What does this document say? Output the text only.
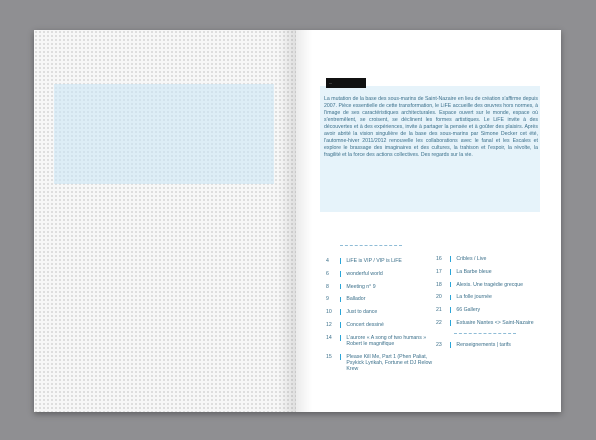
...
La mutation de la base des sous-marins de Saint-Nazaire en lieu de création s'affirme depuis 2007. Pièce essentielle de cette transformation, le LiFE accueille des œuvres hors normes, à l'image de ses caractéristiques architecturales. Espace ouvert sur le monde, espace où s'entremêlent, se croisent, se déclinent les formes artistiques. Le LiFE invite à des découvertes et à des expériences, invite à partager la pensée et à goûter des plaisirs. Après avoir abrité la vision singulière de la base des sous-marins par Simone Decker cet été, l'automne-hiver 2011/2012 renouvelle les collaborations avec le fanal et les Escales et explore le brassage des imaginaires et des cultures, la trahison et l'espoir, la révolte, la fragilité et la force des actions collectives. Des regards sur la vie.
4	LiFE is VIP / VIP is LiFE
6	wonderful world
8	Meeting n° 9
9	Ballador
10	Just to dance
12	Concert dessiné
14	L'aurore « A song of two humans » Robert le magnifique
15	Please Kill Me, Part 1 (Phen Paliat, Psykick Lyrikah, Fortune et DJ Relow Krew
16	Cribles / Live
17	La Barbe bleue
18	Alexis. Une tragédie grecque
20	La folle journée
21	66 Gallery
22	Estuaire Nantes <> Saint-Nazaire
23	Renseignements | tarifs
